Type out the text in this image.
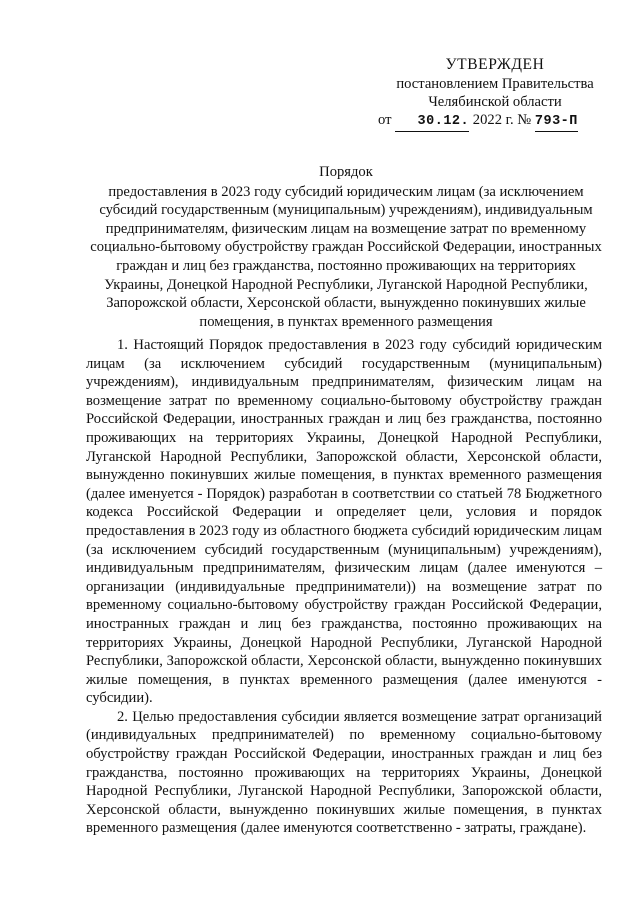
УТВЕРЖДЕН
постановлением Правительства
Челябинской области
от 30.12. 2022 г. № 793-П
Порядок
предоставления в 2023 году субсидий юридическим лицам (за исключением субсидий государственным (муниципальным) учреждениям), индивидуальным предпринимателям, физическим лицам на возмещение затрат по временному социально-бытовому обустройству граждан Российской Федерации, иностранных граждан и лиц без гражданства, постоянно проживающих на территориях Украины, Донецкой Народной Республики, Луганской Народной Республики, Запорожской области, Херсонской области, вынужденно покинувших жилые помещения, в пунктах временного размещения

1. Настоящий Порядок предоставления в 2023 году субсидий юридическим лицам (за исключением субсидий государственным (муниципальным) учреждениям), индивидуальным предпринимателям, физическим лицам на возмещение затрат по временному социально-бытовому обустройству граждан Российской Федерации, иностранных граждан и лиц без гражданства, постоянно проживающих на территориях Украины, Донецкой Народной Республики, Луганской Народной Республики, Запорожской области, Херсонской области, вынужденно покинувших жилые помещения, в пунктах временного размещения (далее именуется - Порядок) разработан в соответствии со статьей 78 Бюджетного кодекса Российской Федерации и определяет цели, условия и порядок предоставления в 2023 году из областного бюджета субсидий юридическим лицам (за исключением субсидий государственным (муниципальным) учреждениям), индивидуальным предпринимателям, физическим лицам (далее именуются – организации (индивидуальные предприниматели)) на возмещение затрат по временному социально-бытовому обустройству граждан Российской Федерации, иностранных граждан и лиц без гражданства, постоянно проживающих на территориях Украины, Донецкой Народной Республики, Луганской Народной Республики, Запорожской области, Херсонской области, вынужденно покинувших жилые помещения, в пунктах временного размещения (далее именуются - субсидии).

2. Целью предоставления субсидии является возмещение затрат организаций (индивидуальных предпринимателей) по временному социально-бытовому обустройству граждан Российской Федерации, иностранных граждан и лиц без гражданства, постоянно проживающих на территориях Украины, Донецкой Народной Республики, Луганской Народной Республики, Запорожской области, Херсонской области, вынужденно покинувших жилые помещения, в пунктах временного размещения (далее именуются соответственно - затраты, граждане).
